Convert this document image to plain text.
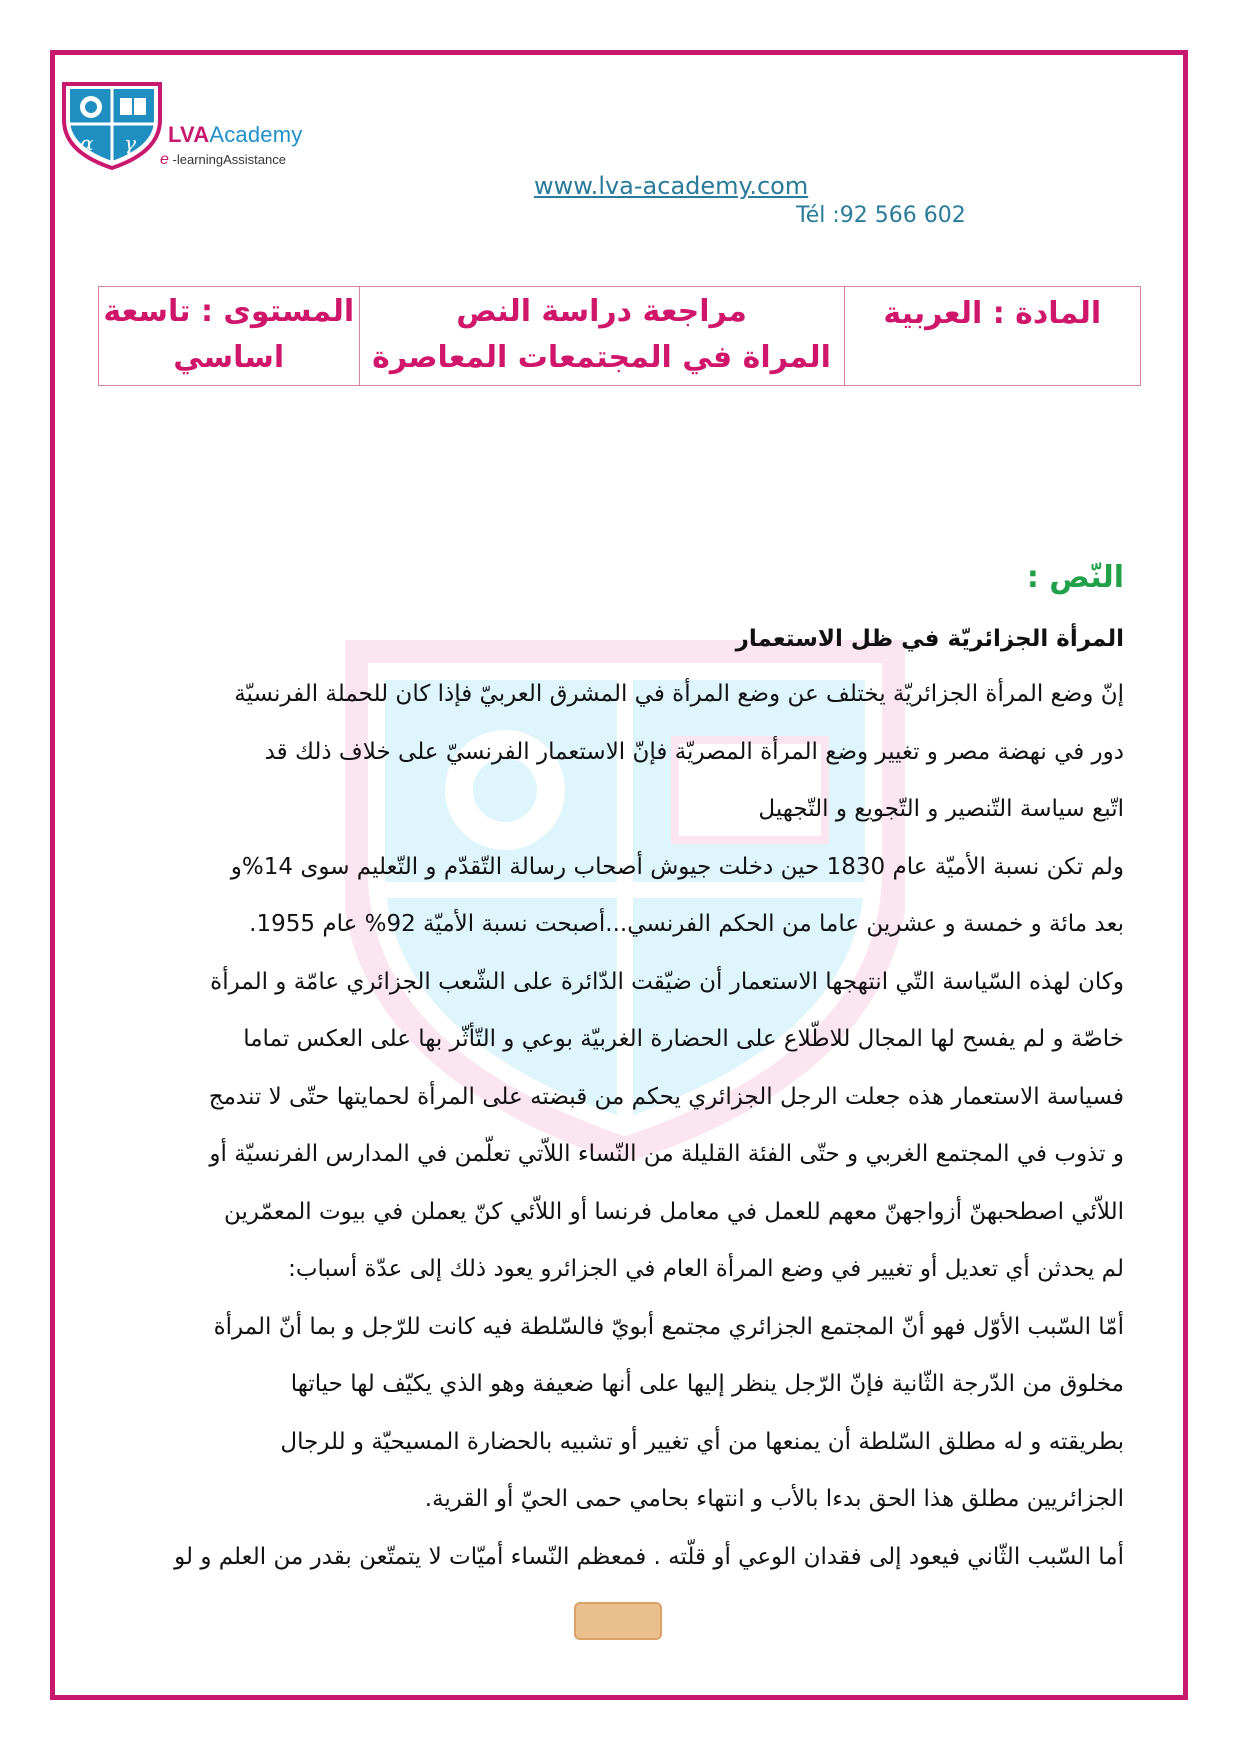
α γ LVAAcademy
e -learningAssistance
www.lva-academy.com
Tél :92 566 602
المادة : العربية
مراجعة دراسة النص
المراة في المجتمعات المعاصرة
المستوى : تاسعة
اساسي
النّص :
المرأة الجزائريّة في ظل الاستعمار
إنّ وضع المرأة الجزائريّة يختلف عن وضع المرأة في المشرق العربيّ فإذا كان للحملة الفرنسيّة
دور في نهضة مصر و تغيير وضع المرأة المصريّة فإنّ الاستعمار الفرنسيّ على خلاف ذلك قد
اتّبع سياسة التّنصير و التّجويع و التّجهيل
ولم تكن نسبة الأميّة عام 1830 حين دخلت جيوش أصحاب رسالة التّقدّم و التّعليم سوى 14%و
بعد مائة و خمسة و عشرين عاما من الحكم الفرنسي...أصبحت نسبة الأميّة 92% عام 1955.
وكان لهذه السّياسة التّي انتهجها الاستعمار أن ضيّقت الدّائرة على الشّعب الجزائري عامّة و المرأة
خاصّة و لم يفسح لها المجال للاطّلاع على الحضارة الغربيّة بوعي و التّأثّر بها على العكس تماما
فسياسة الاستعمار هذه جعلت الرجل الجزائري يحكم من قبضته على المرأة لحمايتها حتّى لا تندمج
و تذوب في المجتمع الغربي و حتّى الفئة القليلة من النّساء اللاّتي تعلّمن في المدارس الفرنسيّة أو
اللاّئي اصطحبهنّ أزواجهنّ معهم للعمل في معامل فرنسا أو اللاّئي كنّ يعملن في بيوت المعمّرين
لم يحدثن أي تعديل أو تغيير في وضع المرأة العام في الجزائرو يعود ذلك إلى عدّة أسباب:
أمّا السّبب الأوّل فهو أنّ المجتمع الجزائري مجتمع أبويّ فالسّلطة فيه كانت للرّجل و بما أنّ المرأة
مخلوق من الدّرجة الثّانية فإنّ الرّجل ينظر إليها على أنها ضعيفة وهو الذي يكيّف لها حياتها
بطريقته و له مطلق السّلطة أن يمنعها من أي تغيير أو تشبيه بالحضارة المسيحيّة و للرجال
الجزائريين مطلق هذا الحق بدءا بالأب و انتهاء بحامي حمى الحيّ أو القرية.
أما السّبب الثّاني فيعود إلى فقدان الوعي أو قلّته . فمعظم النّساء أميّات لا يتمتّعن بقدر من العلم و لو
